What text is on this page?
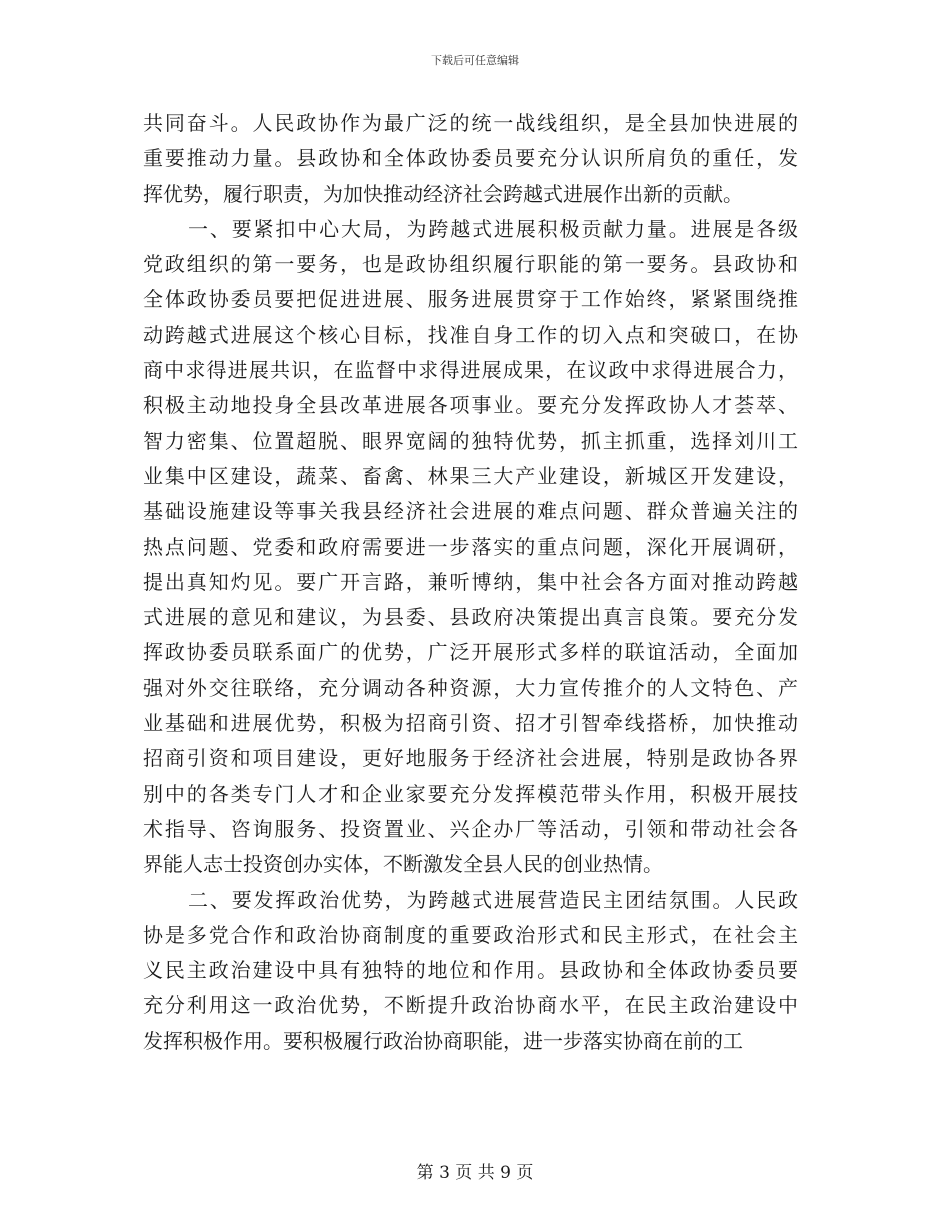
下载后可任意编辑
共同奋斗。人民政协作为最广泛的统一战线组织，是全县加快进展的
重要推动力量。县政协和全体政协委员要充分认识所肩负的重任，发
挥优势，履行职责，为加快推动经济社会跨越式进展作出新的贡献。
一、要紧扣中心大局，为跨越式进展积极贡献力量。进展是各级
党政组织的第一要务，也是政协组织履行职能的第一要务。县政协和
全体政协委员要把促进进展、服务进展贯穿于工作始终，紧紧围绕推
动跨越式进展这个核心目标，找准自身工作的切入点和突破口，在协
商中求得进展共识，在监督中求得进展成果，在议政中求得进展合力，
积极主动地投身全县改革进展各项事业。要充分发挥政协人才荟萃、
智力密集、位置超脱、眼界宽阔的独特优势，抓主抓重，选择刘川工
业集中区建设，蔬菜、畜禽、林果三大产业建设，新城区开发建设，
基础设施建设等事关我县经济社会进展的难点问题、群众普遍关注的
热点问题、党委和政府需要进一步落实的重点问题，深化开展调研，
提出真知灼见。要广开言路，兼听博纳，集中社会各方面对推动跨越
式进展的意见和建议，为县委、县政府决策提出真言良策。要充分发
挥政协委员联系面广的优势，广泛开展形式多样的联谊活动，全面加
强对外交往联络，充分调动各种资源，大力宣传推介的人文特色、产
业基础和进展优势，积极为招商引资、招才引智牵线搭桥，加快推动
招商引资和项目建设，更好地服务于经济社会进展，特别是政协各界
别中的各类专门人才和企业家要充分发挥模范带头作用，积极开展技
术指导、咨询服务、投资置业、兴企办厂等活动，引领和带动社会各
界能人志士投资创办实体，不断激发全县人民的创业热情。
二、要发挥政治优势，为跨越式进展营造民主团结氛围。人民政
协是多党合作和政治协商制度的重要政治形式和民主形式，在社会主
义民主政治建设中具有独特的地位和作用。县政协和全体政协委员要
充分利用这一政治优势，不断提升政治协商水平，在民主政治建设中
发挥积极作用。要积极履行政治协商职能，进一步落实协商在前的工
第 3 页 共 9 页
